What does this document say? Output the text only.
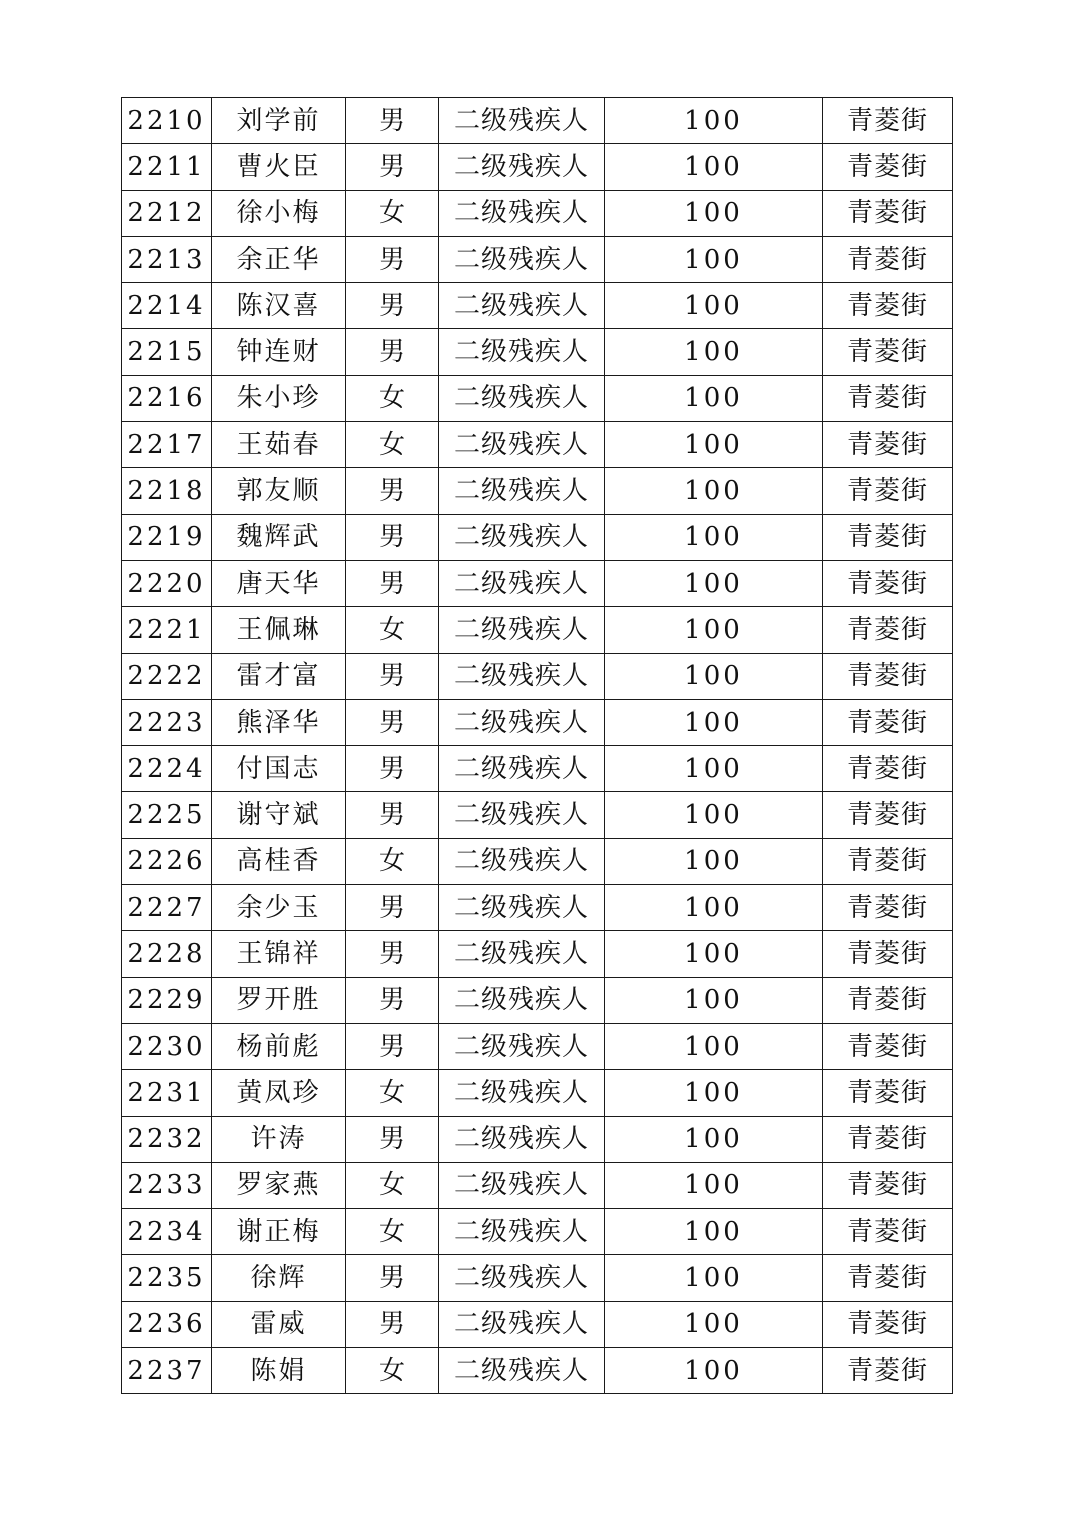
2210	刘学前	男	二级残疾人	100	青菱街
2211	曹火臣	男	二级残疾人	100	青菱街
2212	徐小梅	女	二级残疾人	100	青菱街
2213	余正华	男	二级残疾人	100	青菱街
2214	陈汉喜	男	二级残疾人	100	青菱街
2215	钟连财	男	二级残疾人	100	青菱街
2216	朱小珍	女	二级残疾人	100	青菱街
2217	王茹春	女	二级残疾人	100	青菱街
2218	郭友顺	男	二级残疾人	100	青菱街
2219	魏辉武	男	二级残疾人	100	青菱街
2220	唐天华	男	二级残疾人	100	青菱街
2221	王佩琳	女	二级残疾人	100	青菱街
2222	雷才富	男	二级残疾人	100	青菱街
2223	熊泽华	男	二级残疾人	100	青菱街
2224	付国志	男	二级残疾人	100	青菱街
2225	谢守斌	男	二级残疾人	100	青菱街
2226	高桂香	女	二级残疾人	100	青菱街
2227	余少玉	男	二级残疾人	100	青菱街
2228	王锦祥	男	二级残疾人	100	青菱街
2229	罗开胜	男	二级残疾人	100	青菱街
2230	杨前彪	男	二级残疾人	100	青菱街
2231	黄凤珍	女	二级残疾人	100	青菱街
2232	许涛	男	二级残疾人	100	青菱街
2233	罗家燕	女	二级残疾人	100	青菱街
2234	谢正梅	女	二级残疾人	100	青菱街
2235	徐辉	男	二级残疾人	100	青菱街
2236	雷威	男	二级残疾人	100	青菱街
2237	陈娟	女	二级残疾人	100	青菱街
